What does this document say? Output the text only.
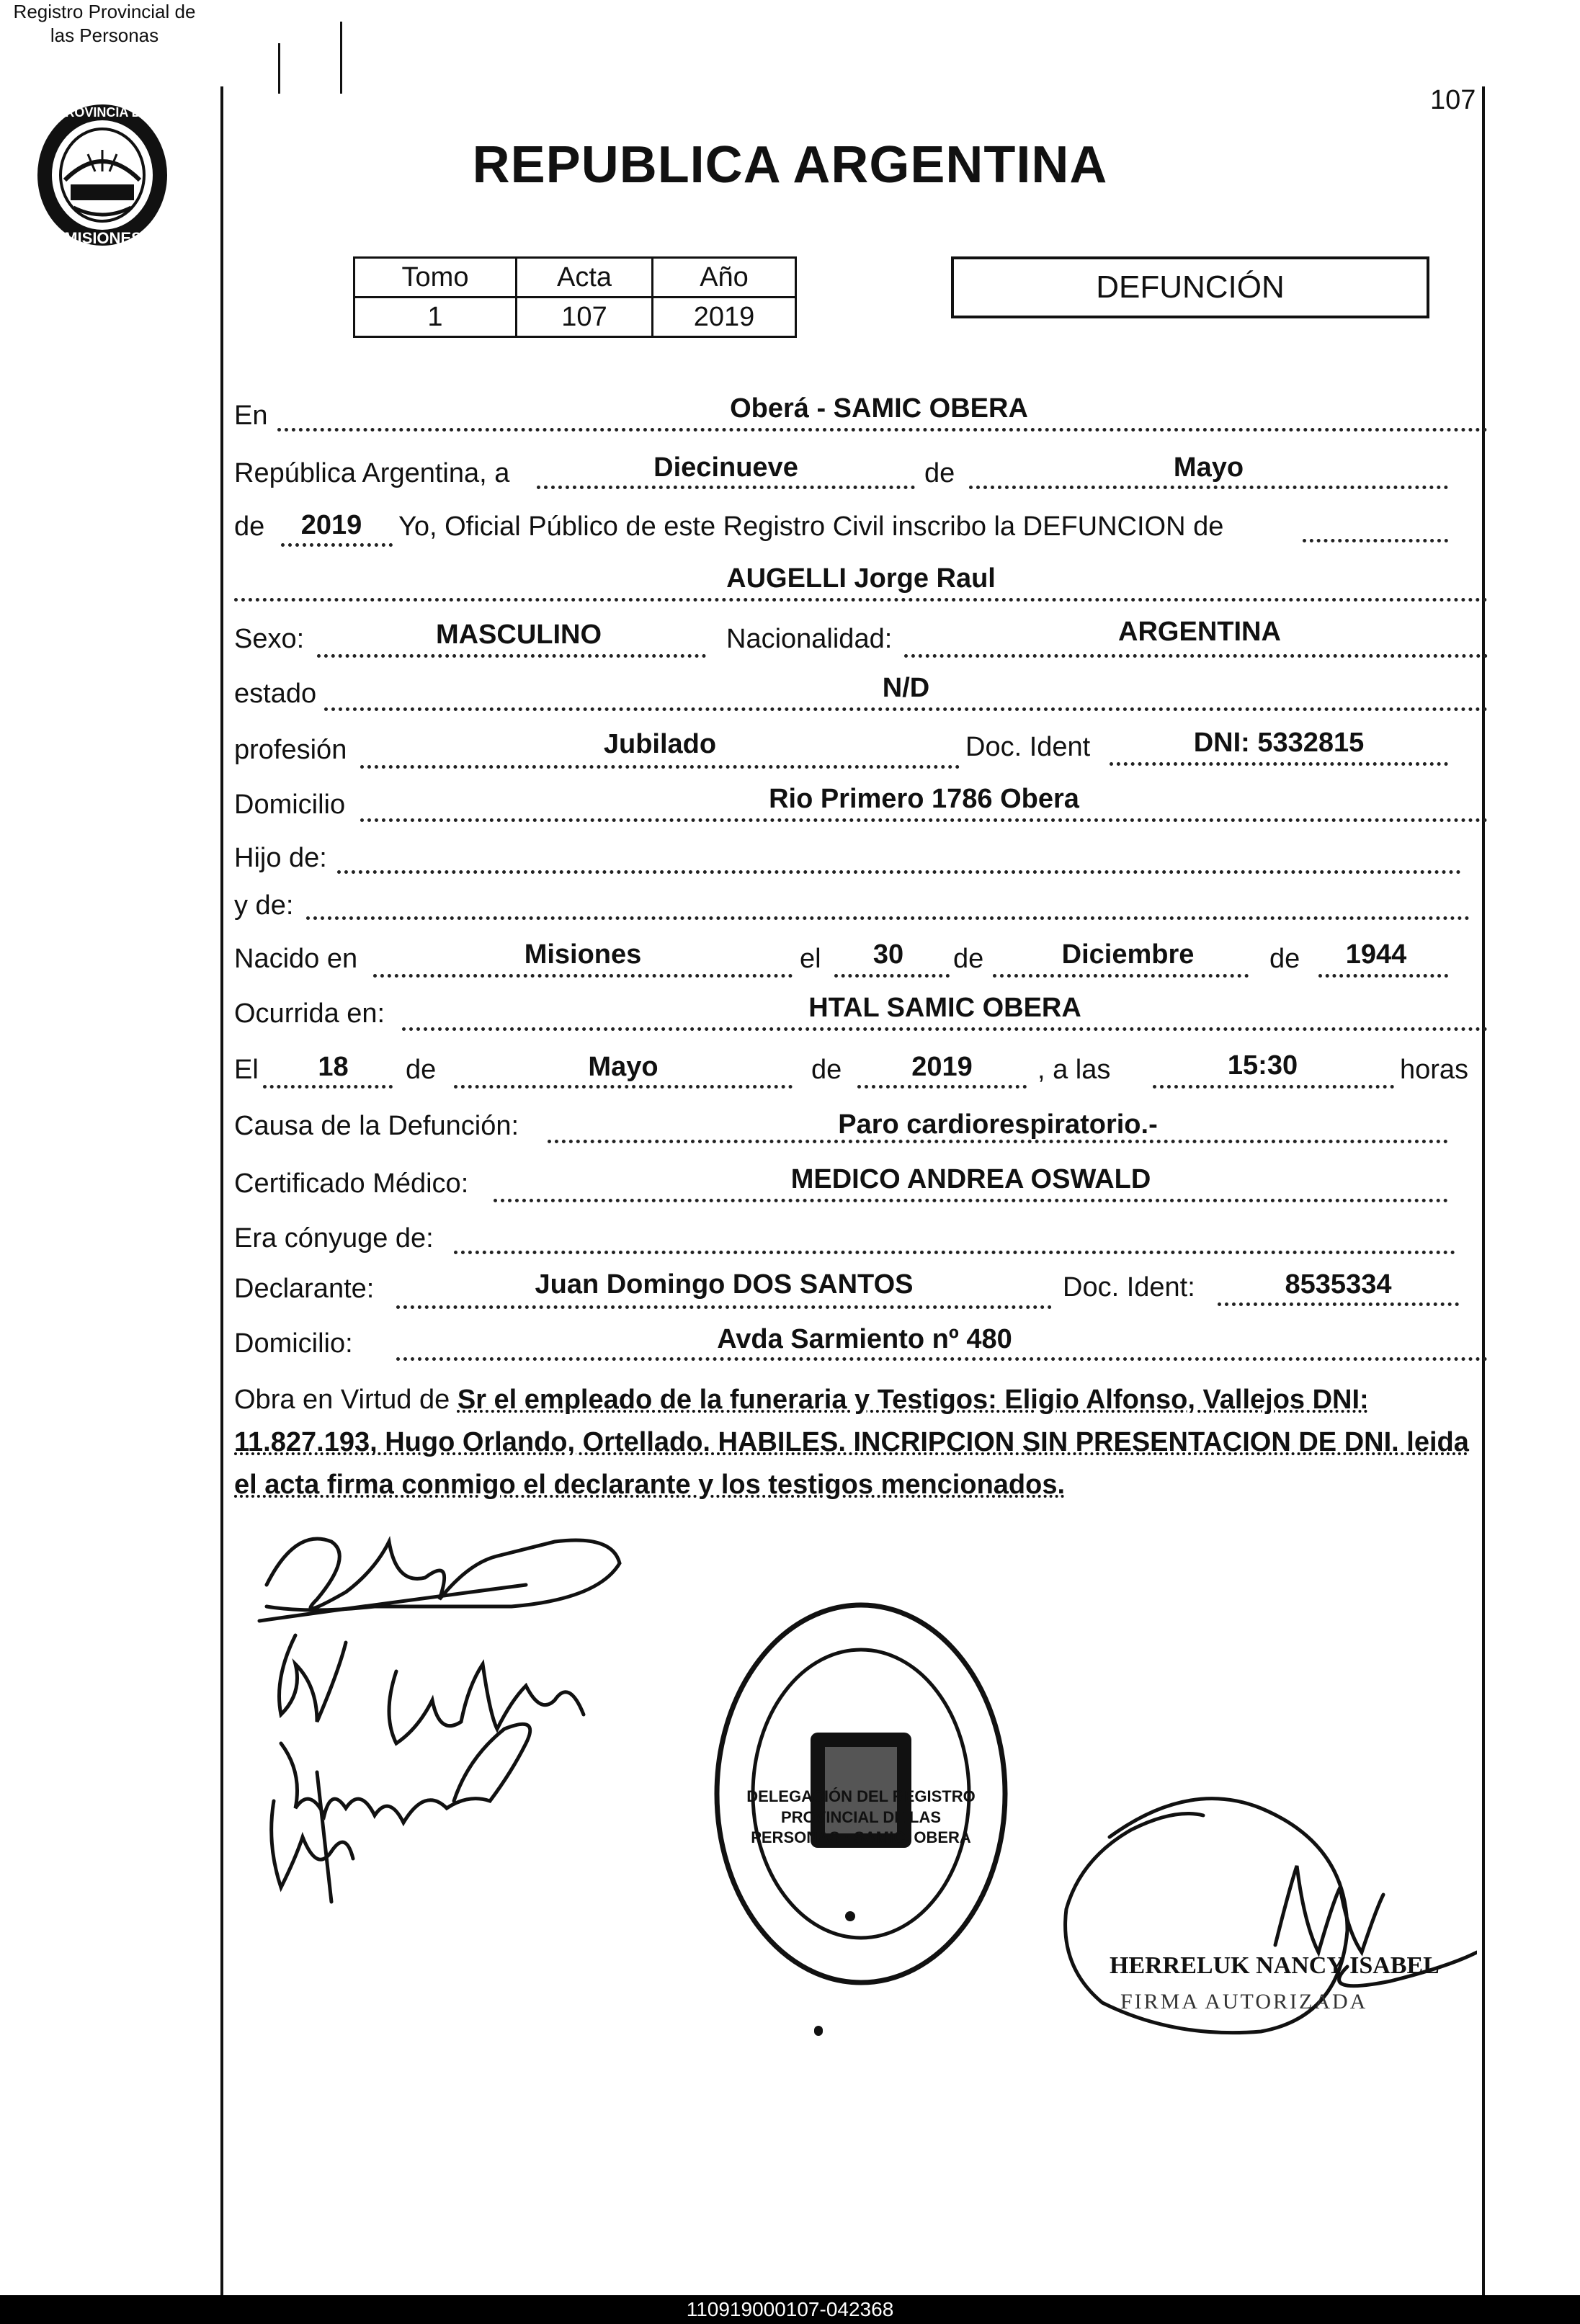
107
PROVINCIA DE
MISIONES
Registro Provincial de
las Personas
REPUBLICA ARGENTINA
Tomo	Acta	Año
1	107	2019
DEFUNCIÓN
En	Oberá - SAMIC OBERA
República Argentina, a	Diecinueve	de	Mayo
de	2019	Yo, Oficial Público de este Registro Civil inscribo la DEFUNCION de
AUGELLI Jorge Raul
Sexo:	MASCULINO	Nacionalidad:	ARGENTINA
estado	N/D
profesión	Jubilado	Doc. Ident	DNI: 5332815
Domicilio	Rio Primero 1786 Obera
Hijo de:
y de:
Nacido en	Misiones	el	30	de	Diciembre	de	1944
Ocurrida en:	HTAL SAMIC OBERA
El	18	de	Mayo	de	2019	, a las	15:30	horas
Causa de la Defunción:	Paro cardiorespiratorio.-
Certificado Médico:	MEDICO ANDREA OSWALD
Era cónyuge de:
Declarante:	Juan Domingo DOS SANTOS	Doc. Ident:	8535334
Domicilio:	Avda Sarmiento nº 480
Obra en Virtud de Sr el empleado de la funeraria y Testigos: Eligio Alfonso, Vallejos DNI: 11.827.193, Hugo Orlando, Ortellado. HABILES. INCRIPCION SIN PRESENTACION DE DNI. leida el acta firma conmigo el declarante y los testigos mencionados.
DELEGACIÓN DEL REGISTRO PROVINCIAL DE LAS PERSONAS · SAMIC. OBERA
HERRELUK NANCY ISABEL
FIRMA AUTORIZADA
110919000107-042368
